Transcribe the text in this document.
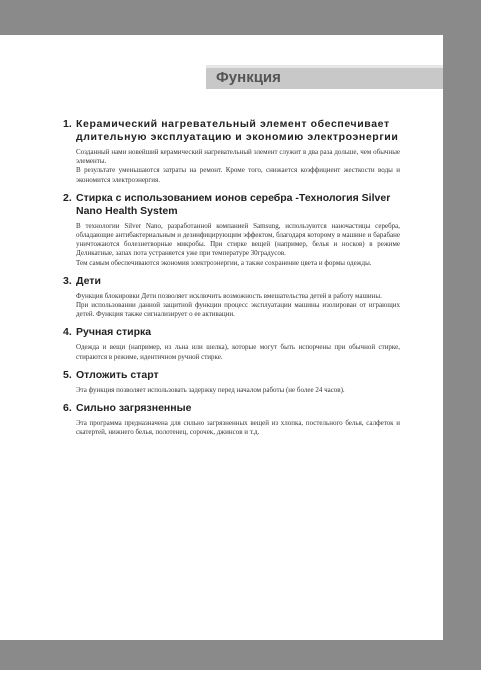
Функция
1. Керамический нагревательный элемент обеспечивает длительную эксплуатацию и экономию электроэнергии

Созданный нами новейший керамический нагревательный элемент служит в два раза дольше, чем обычные элементы.

В результате уменьшаются затраты на ремонт. Кроме того, снижается коэффициент жесткости воды и экономится электроэнергия.

2. Стирка с использованием ионов серебра -Технология Silver Nano Health System

В технологии Silver Nano, разработанной компанией Samsung, используются наночастицы серебра, обладающие антибактериальным и дезинфицирующим эффектом, благодаря которому в машине и барабане уничтожаются болезнетворные микробы. При стирке вещей (например, белья и носков) в режиме Деликатные, запах пота устраняется уже при температуре 30градусов.

Тем самым обеспечиваются экономия электроэнергии, а также сохранение цвета и формы одежды.

3. Дети

Функция блокировки Дети позволяет исключить возможность вмешательства детей в работу машины.

При использовании данной защитной функции процесс эксплуатации машины изолирован от играющих детей. Функция также сигнализирует о ее активации.

4. Ручная стирка

Одежда и вещи (например, из льна или шелка), которые могут быть испорчены при обычной стирке, стираются в режиме, идентичном ручной стирке.

5. Отложить старт

Эта функция позволяет использовать задержку перед началом работы (не более 24 часов).

6. Сильно загрязненные

Эта программа предназначена для сильно загрязненных вещей из хлопка, постельного белья, салфеток и скатертей, нижнего белья, полотенец, сорочек, джинсов и т.д.
